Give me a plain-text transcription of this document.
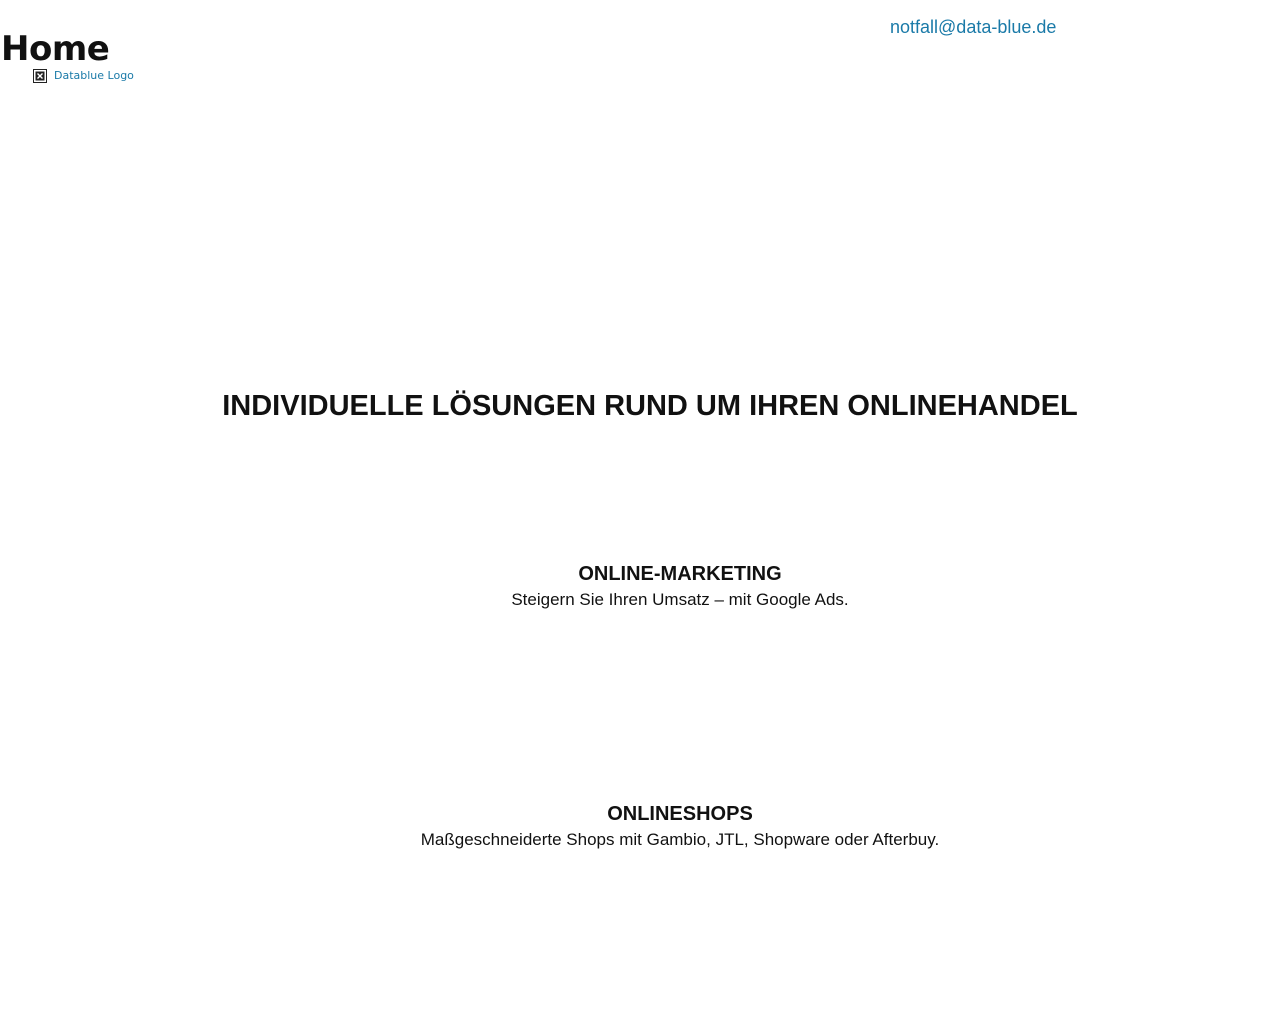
Home
notfall@data-blue.de
Datablue Logo
INDIVIDUELLE LÖSUNGEN RUND UM IHREN ONLINEHANDEL
ONLINE-MARKETING

Steigern Sie Ihren Umsatz – mit Google Ads.

ONLINESHOPS

Maßgeschneiderte Shops mit Gambio, JTL, Shopware oder Afterbuy.
